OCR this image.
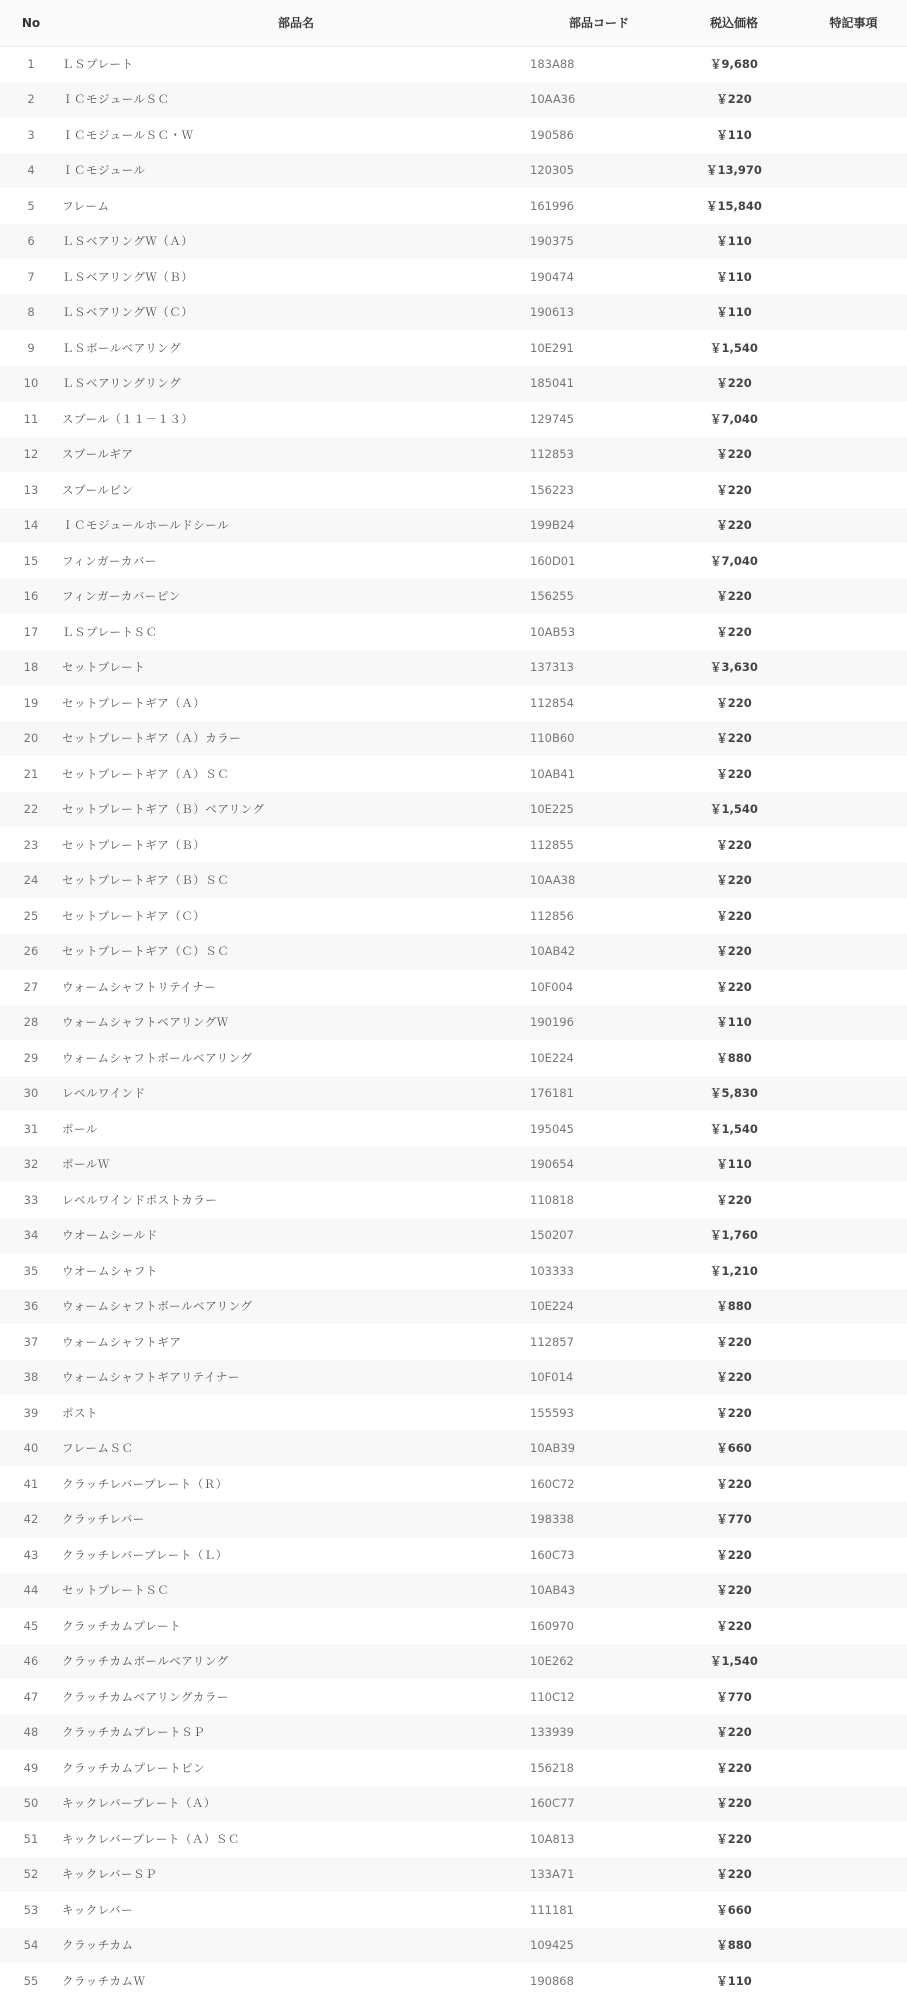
No	部品名	部品コード	税込価格	特記事項
1	ＬＳプレート	183A88	￥9,680	
2	ＩＣモジュールＳＣ	10AA36	￥220	
3	ＩＣモジュールＳＣ・Ｗ	190586	￥110	
4	ＩＣモジュール	120305	￥13,970	
5	フレーム	161996	￥15,840	
6	ＬＳベアリングＷ（Ａ）	190375	￥110	
7	ＬＳベアリングＷ（Ｂ）	190474	￥110	
8	ＬＳベアリングＷ（Ｃ）	190613	￥110	
9	ＬＳボールベアリング	10E291	￥1,540	
10	ＬＳベアリングリング	185041	￥220	
11	スプール（１１－１３）	129745	￥7,040	
12	スプールギア	112853	￥220	
13	スプールピン	156223	￥220	
14	ＩＣモジュールホールドシール	199B24	￥220	
15	フィンガーカバー	160D01	￥7,040	
16	フィンガーカバーピン	156255	￥220	
17	ＬＳプレートＳＣ	10AB53	￥220	
18	セットプレート	137313	￥3,630	
19	セットプレートギア（Ａ）	112854	￥220	
20	セットプレートギア（Ａ）カラー	110B60	￥220	
21	セットプレートギア（Ａ）ＳＣ	10AB41	￥220	
22	セットプレートギア（Ｂ）ベアリング	10E225	￥1,540	
23	セットプレートギア（Ｂ）	112855	￥220	
24	セットプレートギア（Ｂ）ＳＣ	10AA38	￥220	
25	セットプレートギア（Ｃ）	112856	￥220	
26	セットプレートギア（Ｃ）ＳＣ	10AB42	￥220	
27	ウォームシャフトリテイナー	10F004	￥220	
28	ウォームシャフトベアリングＷ	190196	￥110	
29	ウォームシャフトボールベアリング	10E224	￥880	
30	レベルワインド	176181	￥5,830	
31	ポール	195045	￥1,540	
32	ポールＷ	190654	￥110	
33	レベルワインドポストカラー	110818	￥220	
34	ウオームシールド	150207	￥1,760	
35	ウオームシャフト	103333	￥1,210	
36	ウォームシャフトボールベアリング	10E224	￥880	
37	ウォームシャフトギア	112857	￥220	
38	ウォームシャフトギアリテイナー	10F014	￥220	
39	ポスト	155593	￥220	
40	フレームＳＣ	10AB39	￥660	
41	クラッチレバープレート（Ｒ）	160C72	￥220	
42	クラッチレバー	198338	￥770	
43	クラッチレバープレート（Ｌ）	160C73	￥220	
44	セットプレートＳＣ	10AB43	￥220	
45	クラッチカムプレート	160970	￥220	
46	クラッチカムボールベアリング	10E262	￥1,540	
47	クラッチカムベアリングカラー	110C12	￥770	
48	クラッチカムプレートＳＰ	133939	￥220	
49	クラッチカムプレートピン	156218	￥220	
50	キックレバープレート（Ａ）	160C77	￥220	
51	キックレバープレート（Ａ）ＳＣ	10A813	￥220	
52	キックレバーＳＰ	133A71	￥220	
53	キックレバー	111181	￥660	
54	クラッチカム	109425	￥880	
55	クラッチカムＷ	190868	￥110	
